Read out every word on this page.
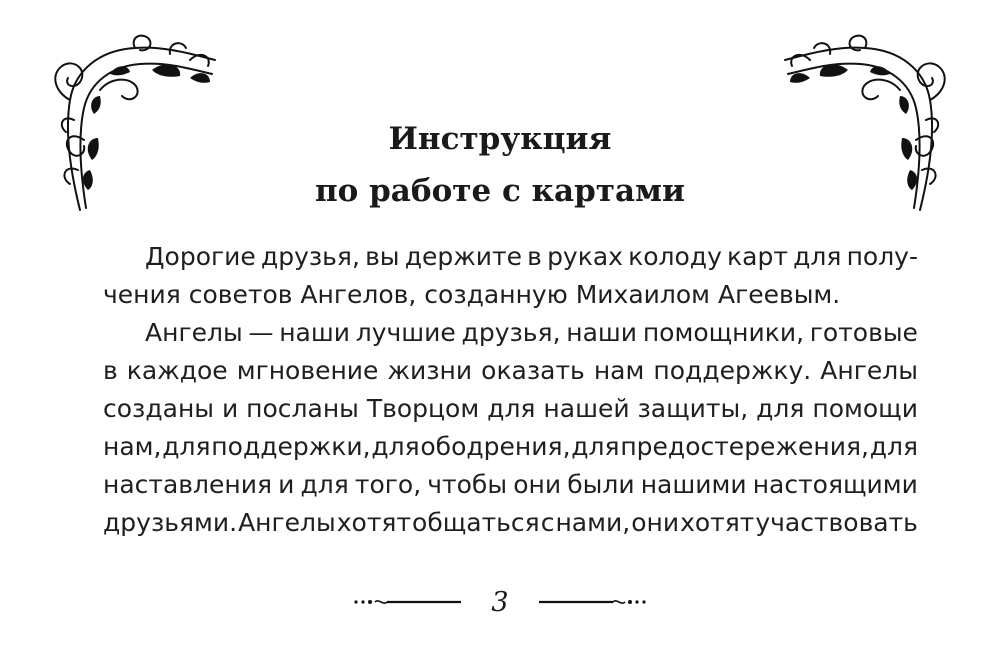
Инструкция
по работе с картами
Дорогие друзья, вы держите в руках колоду карт для полу-
чения советов Ангелов, созданную Михаилом Агеевым.
Ангелы — наши лучшие друзья, наши помощники, готовые
в каждое мгновение жизни оказать нам поддержку. Ангелы
созданы и посланы Творцом для нашей защиты, для помощи
нам, для поддержки, для ободрения, для предостережения, для
наставления и для того, чтобы они были нашими настоящими
друзьями. Ангелы хотят общаться с нами, они хотят участвовать
3
